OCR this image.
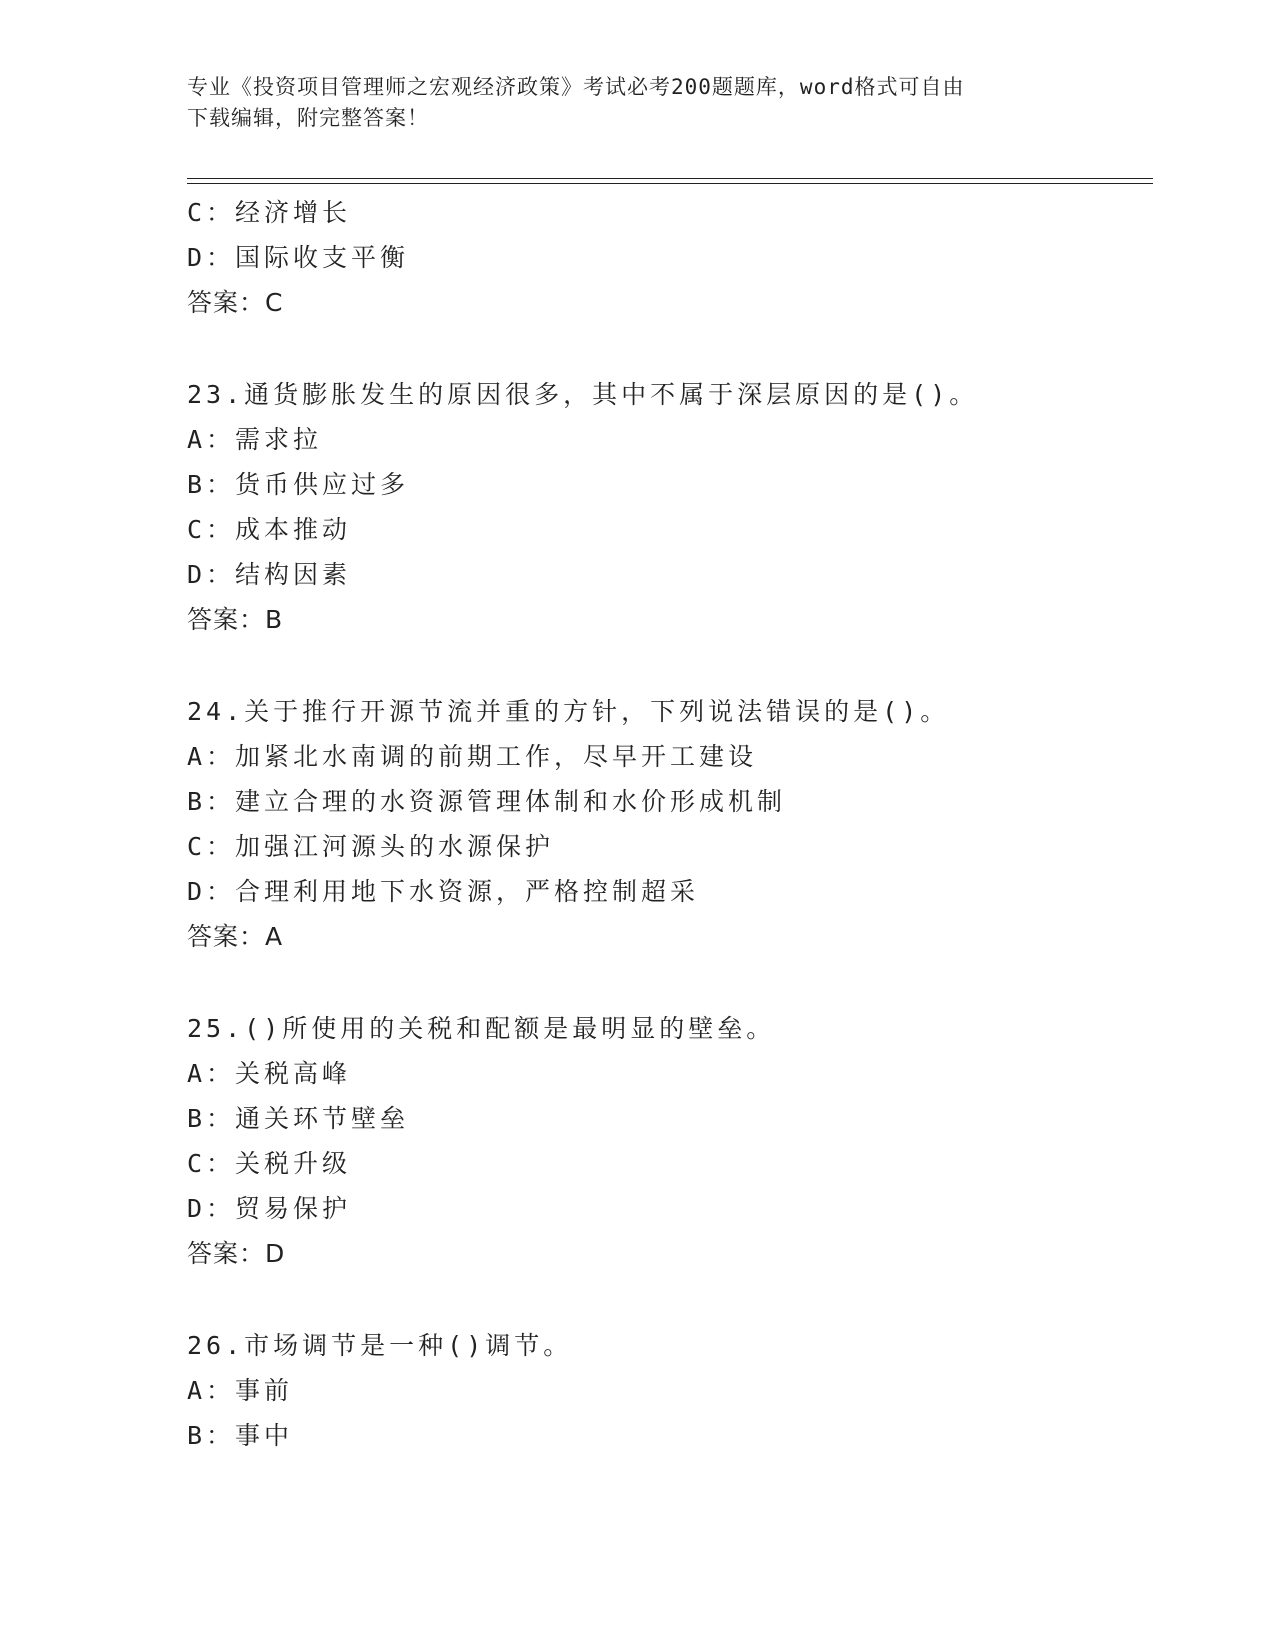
专业《投资项目管理师之宏观经济政策》考试必考200题题库，word格式可自由
下载编辑，附完整答案！
C：经济增长
D：国际收支平衡
答案：C
23.通货膨胀发生的原因很多，其中不属于深层原因的是()。
A：需求拉
B：货币供应过多
C：成本推动
D：结构因素
答案：B
24.关于推行开源节流并重的方针，下列说法错误的是()。
A：加紧北水南调的前期工作，尽早开工建设
B：建立合理的水资源管理体制和水价形成机制
C：加强江河源头的水源保护
D：合理利用地下水资源，严格控制超采
答案：A
25.()所使用的关税和配额是最明显的壁垒。
A：关税高峰
B：通关环节壁垒
C：关税升级
D：贸易保护
答案：D
26.市场调节是一种()调节。
A：事前
B：事中
